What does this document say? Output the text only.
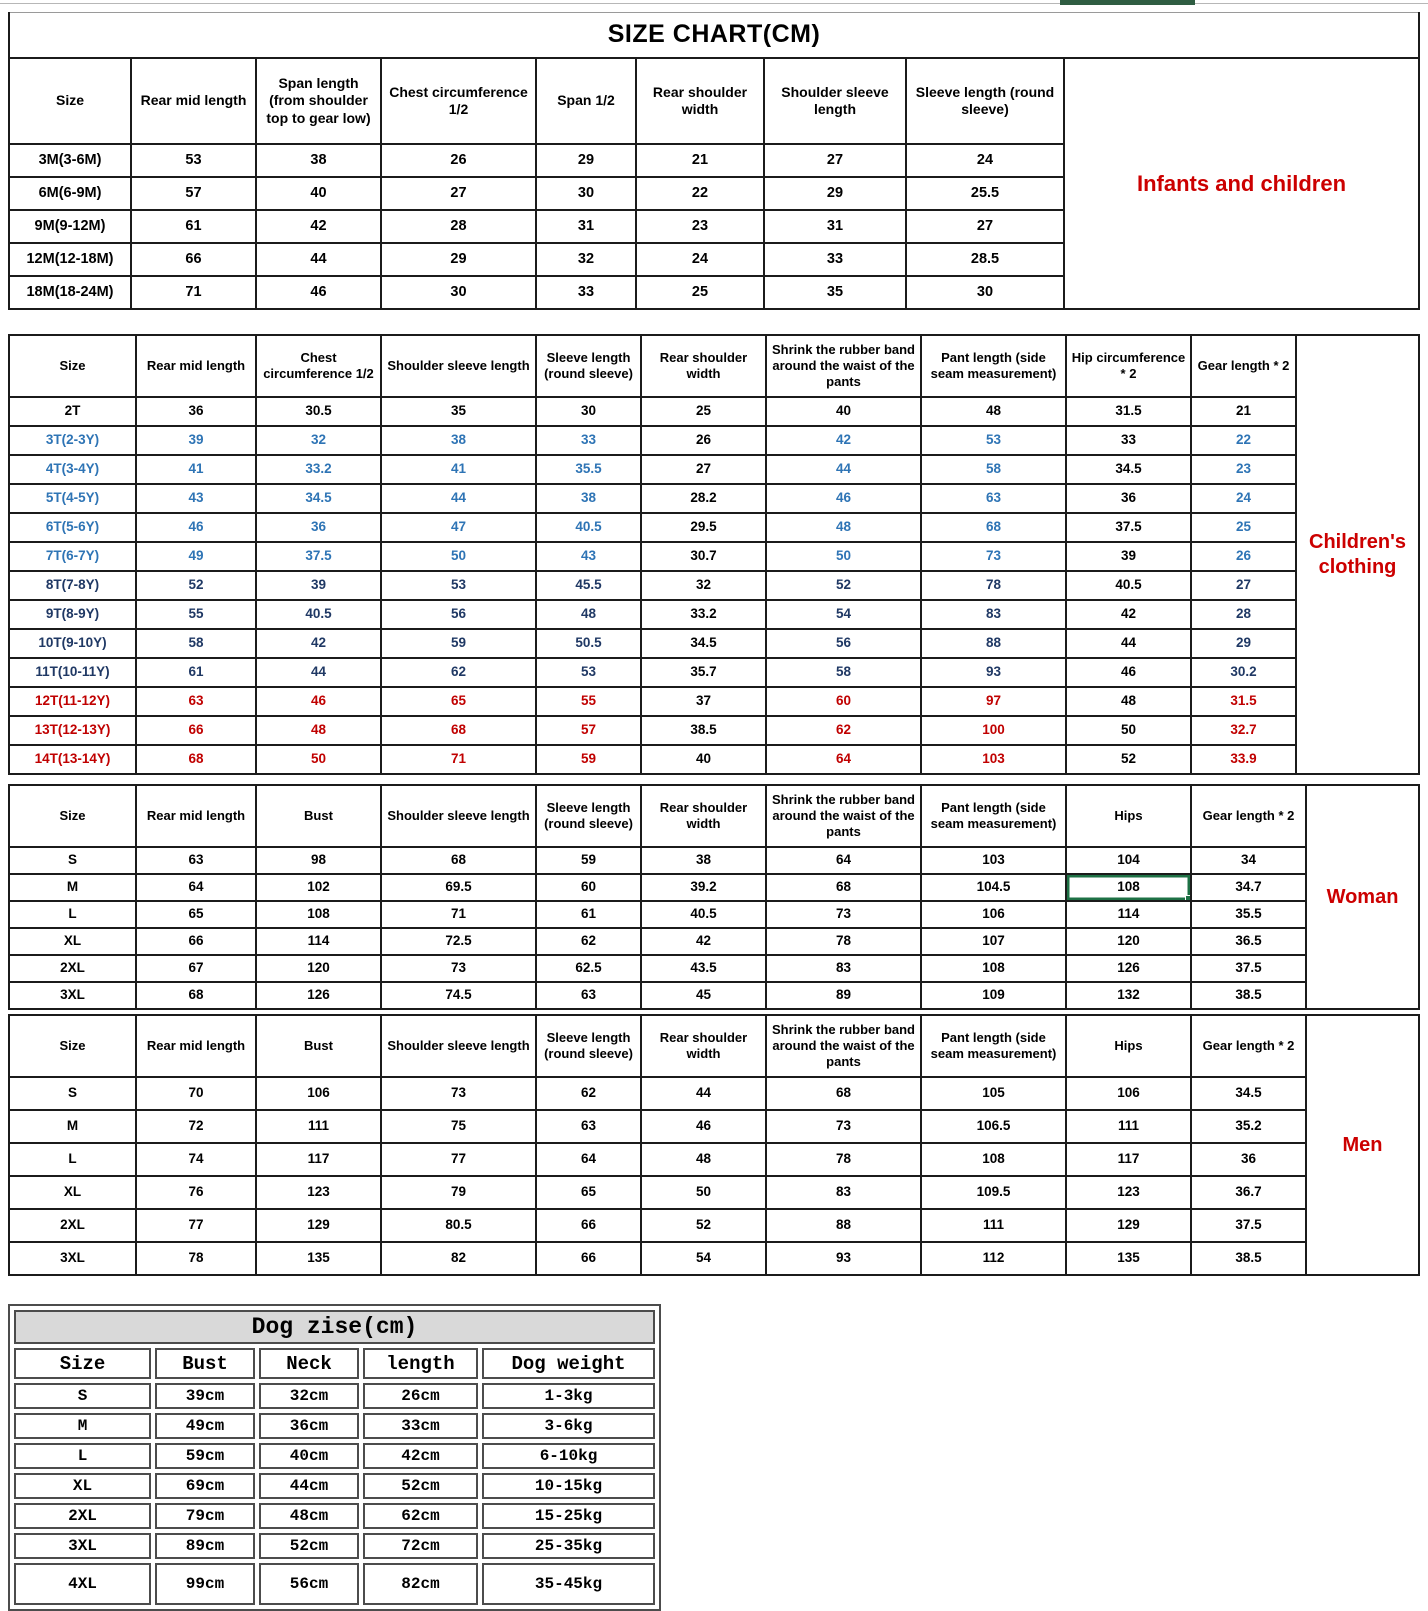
SIZE CHART(CM)								
Size	Rear mid length	Span length (from shoulder top to gear low)	Chest circumference 1/2	Span 1/2	Rear shoulder width	Shoulder sleeve length	Sleeve length (round sleeve)	Infants and children
3M(3-6M)	53	38	26	29	21	27	24	
6M(6-9M)	57	40	27	30	22	29	25.5	
9M(9-12M)	61	42	28	31	23	31	27	
12M(12-18M)	66	44	29	32	24	33	28.5	
18M(18-24M)	71	46	30	33	25	35	30	
Size	Rear mid length	Chest circumference 1/2	Shoulder sleeve length	Sleeve length (round sleeve)	Rear shoulder width	Shrink the rubber band around the waist of the pants	Pant length (side seam measurement)	Hip circumference * 2	Gear length * 2	Children's clothing
2T	36	30.5	35	30	25	40	48	31.5	21	
3T(2-3Y)	39	32	38	33	26	42	53	33	22	
4T(3-4Y)	41	33.2	41	35.5	27	44	58	34.5	23	
5T(4-5Y)	43	34.5	44	38	28.2	46	63	36	24	
6T(5-6Y)	46	36	47	40.5	29.5	48	68	37.5	25	
7T(6-7Y)	49	37.5	50	43	30.7	50	73	39	26	
8T(7-8Y)	52	39	53	45.5	32	52	78	40.5	27	
9T(8-9Y)	55	40.5	56	48	33.2	54	83	42	28	
10T(9-10Y)	58	42	59	50.5	34.5	56	88	44	29	
11T(10-11Y)	61	44	62	53	35.7	58	93	46	30.2	
12T(11-12Y)	63	46	65	55	37	60	97	48	31.5	
13T(12-13Y)	66	48	68	57	38.5	62	100	50	32.7	
14T(13-14Y)	68	50	71	59	40	64	103	52	33.9	
Size	Rear mid length	Bust	Shoulder sleeve length	Sleeve length (round sleeve)	Rear shoulder width	Shrink the rubber band around the waist of the pants	Pant length (side seam measurement)	Hips	Gear length * 2	Woman
S	63	98	68	59	38	64	103	104	34	
M	64	102	69.5	60	39.2	68	104.5	108	34.7	
L	65	108	71	61	40.5	73	106	114	35.5	
XL	66	114	72.5	62	42	78	107	120	36.5	
2XL	67	120	73	62.5	43.5	83	108	126	37.5	
3XL	68	126	74.5	63	45	89	109	132	38.5	
Size	Rear mid length	Bust	Shoulder sleeve length	Sleeve length (round sleeve)	Rear shoulder width	Shrink the rubber band around the waist of the pants	Pant length (side seam measurement)	Hips	Gear length * 2	Men
S	70	106	73	62	44	68	105	106	34.5	
M	72	111	75	63	46	73	106.5	111	35.2	
L	74	117	77	64	48	78	108	117	36	
XL	76	123	79	65	50	83	109.5	123	36.7	
2XL	77	129	80.5	66	52	88	111	129	37.5	
3XL	78	135	82	66	54	93	112	135	38.5	
Dog zise(cm)				
Size	Bust	Neck	length	Dog weight
S	39cm	32cm	26cm	1-3kg
M	49cm	36cm	33cm	3-6kg
L	59cm	40cm	42cm	6-10kg
XL	69cm	44cm	52cm	10-15kg
2XL	79cm	48cm	62cm	15-25kg
3XL	89cm	52cm	72cm	25-35kg
4XL	99cm	56cm	82cm	35-45kg
